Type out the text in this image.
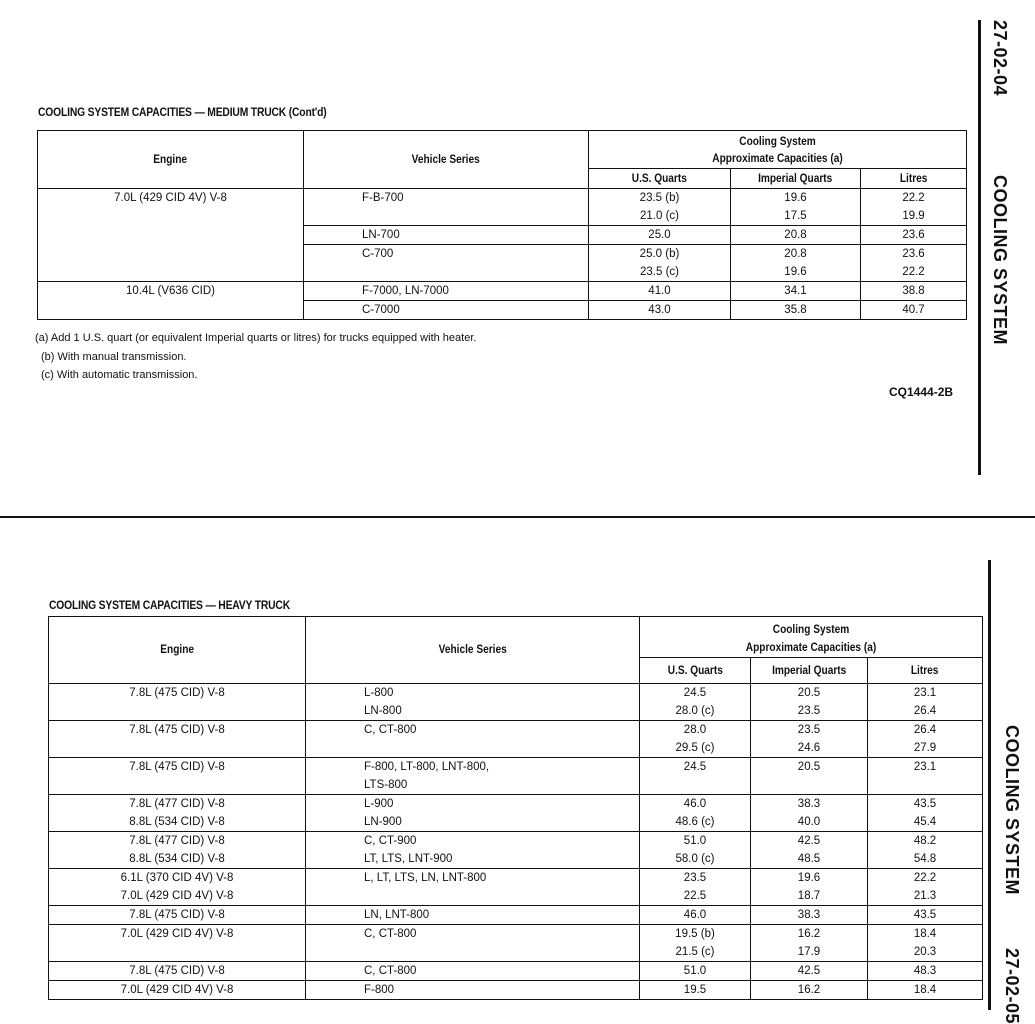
COOLING SYSTEM CAPACITIES — MEDIUM TRUCK (Cont'd)
Engine	Vehicle Series	Cooling System
Approximate Capacities (a)		

		U.S. Quarts	Imperial Quarts	Litres
7.0L (429 CID 4V) V-8	F-B-700	23.5 (b)	19.6	22.2
		21.0 (c)	17.5	19.9
	LN-700	25.0	20.8	23.6
	C-700	25.0 (b)	20.8	23.6
		23.5 (c)	19.6	22.2
10.4L (V636 CID)	F-7000, LN-7000	41.0	34.1	38.8
	C-7000	43.0	35.8	40.7
(a) Add 1 U.S. quart (or equivalent Imperial quarts or litres) for trucks equipped with heater.
(b) With manual transmission.
(c) With automatic transmission.
CQ1444-2B
27-02-04
COOLING SYSTEM
COOLING SYSTEM CAPACITIES — HEAVY TRUCK
Engine	Vehicle Series	Cooling System
Approximate Capacities (a)		

		U.S. Quarts	Imperial Quarts	Litres
7.8L (475 CID) V-8	L-800	24.5	20.5	23.1
	LN-800	28.0 (c)	23.5	26.4
7.8L (475 CID) V-8	C, CT-800	28.0	23.5	26.4
		29.5 (c)	24.6	27.9
7.8L (475 CID) V-8	F-800, LT-800, LNT-800,	24.5	20.5	23.1
	LTS-800			
7.8L (477 CID) V-8	L-900	46.0	38.3	43.5
8.8L (534 CID) V-8	LN-900	48.6 (c)	40.0	45.4
7.8L (477 CID) V-8	C, CT-900	51.0	42.5	48.2
8.8L (534 CID) V-8	LT, LTS, LNT-900	58.0 (c)	48.5	54.8
6.1L (370 CID 4V) V-8	L, LT, LTS, LN, LNT-800	23.5	19.6	22.2
7.0L (429 CID 4V) V-8		22.5	18.7	21.3
7.8L (475 CID) V-8	LN, LNT-800	46.0	38.3	43.5
7.0L (429 CID 4V) V-8	C, CT-800	19.5 (b)	16.2	18.4
		21.5 (c)	17.9	20.3
7.8L (475 CID) V-8	C, CT-800	51.0	42.5	48.3
7.0L (429 CID 4V) V-8	F-800	19.5	16.2	18.4
COOLING SYSTEM
27-02-05
